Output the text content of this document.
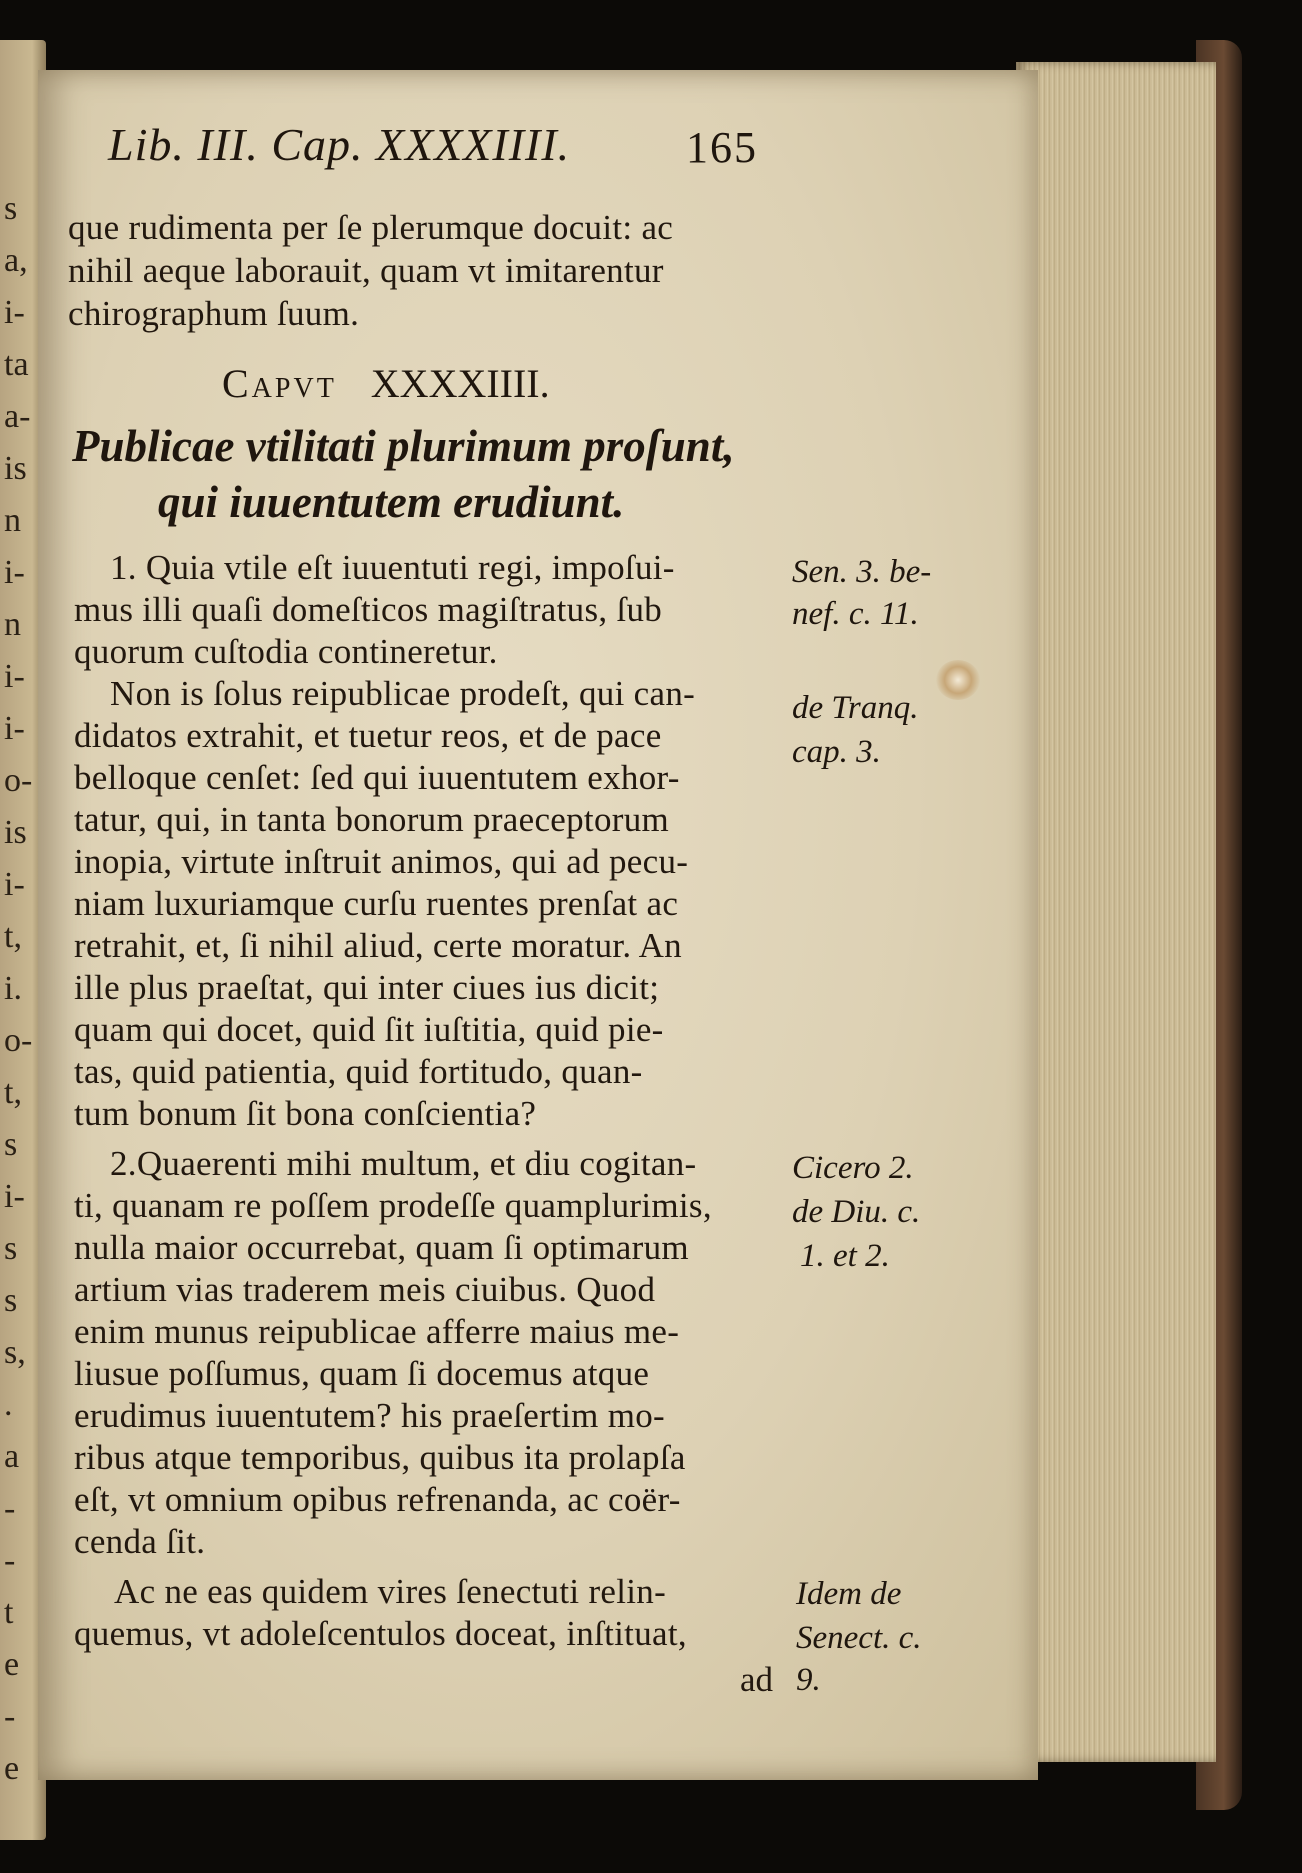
s
a,
i-
ta
a-
is
n
i-
n
i-
i-
o-
is
i-
t,
i.
o-
t,
s
i-
s
s
s,
.
a
-
-
t
e
-
e
Lib. III. Cap. XXXXIIII.	165
que rudimenta per ſe plerumque docuit: ac
nihil aeque laborauit, quam vt imitarentur
chirographum ſuum.
Capvt XXXXIIII.
Publicae vtilitati plurimum proſunt,
qui iuuentutem erudiunt.
1. Quia vtile eſt iuuentuti regi, impoſui-
mus illi quaſi domeſticos magiſtratus, ſub
quorum cuſtodia contineretur.
Non is ſolus reipublicae prodeſt, qui can-
didatos extrahit, et tuetur reos, et de pace
belloque cenſet: ſed qui iuuentutem exhor-
tatur, qui, in tanta bonorum praeceptorum
inopia, virtute inſtruit animos, qui ad pecu-
niam luxuriamque curſu ruentes prenſat ac
retrahit, et, ſi nihil aliud, certe moratur. An
ille plus praeſtat, qui inter ciues ius dicit;
quam qui docet, quid ſit iuſtitia, quid pie-
tas, quid patientia, quid fortitudo, quan-
tum bonum ſit bona conſcientia?
2.Quaerenti mihi multum, et diu cogitan-
ti, quanam re poſſem prodeſſe quamplurimis,
nulla maior occurrebat, quam ſi optimarum
artium vias traderem meis ciuibus. Quod
enim munus reipublicae afferre maius me-
liusue poſſumus, quam ſi docemus atque
erudimus iuuentutem? his praeſertim mo-
ribus atque temporibus, quibus ita prolapſa
eſt, vt omnium opibus refrenanda, ac coër-
cenda ſit.
Ac ne eas quidem vires ſenectuti relin-
quemus, vt adoleſcentulos doceat, inſtituat,
ad
Sen. 3. be-
nef. c. 11.
de Tranq.
cap. 3.
Cicero 2.
de Diu. c.
1. et 2.
Idem de
Senect. c.
9.
